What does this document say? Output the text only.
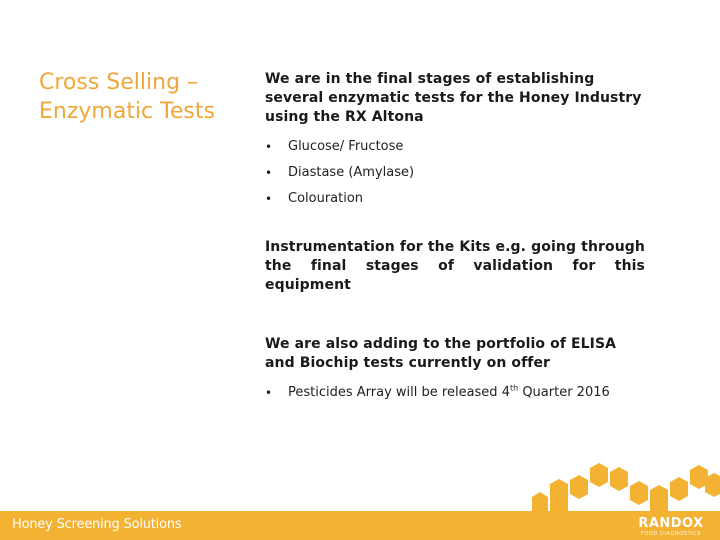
Cross Selling – Enzymatic Tests

We are in the final stages of establishing several enzymatic tests for the Honey Industry using the RX Altona

• Glucose/ Fructose
• Diastase (Amylase)
• Colouration

Instrumentation for the Kits e.g. going through the final stages of validation for this equipment

We are also adding to the portfolio of ELISA and Biochip tests currently on offer

• Pesticides Array will be released 4th Quarter 2016
Honey Screening Solutions	RANDOX
FOOD DIAGNOSTICS
